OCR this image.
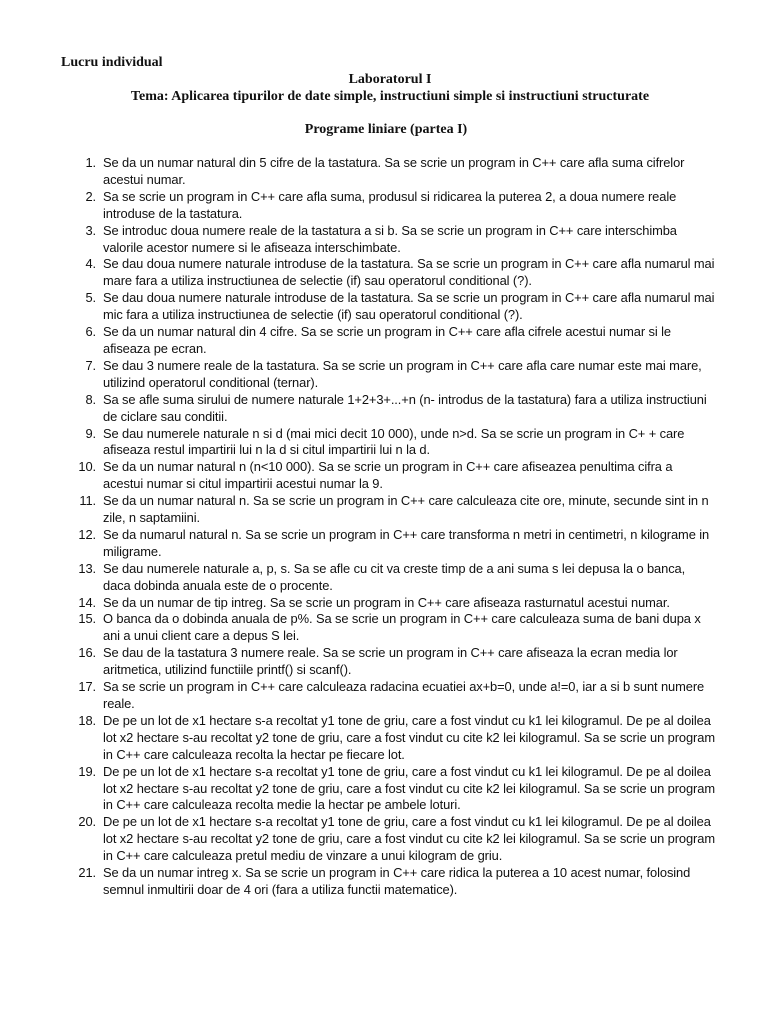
Lucru individual
Laboratorul I
Tema: Aplicarea tipurilor de date simple, instructiuni simple si instructiuni structurate
Programe liniare (partea I)
1. Se da un numar natural din 5 cifre de la tastatura. Sa se scrie un program in C++ care afla suma cifrelor acestui numar.
2. Sa se scrie un program in C++ care afla suma, produsul si ridicarea la puterea 2, a doua numere reale introduse de la tastatura.
3. Se introduc doua numere reale de la tastatura a si b. Sa se scrie un program in C++ care interschimba valorile acestor numere si le afiseaza interschimbate.
4. Se dau doua numere naturale introduse de la tastatura. Sa se scrie un program in C++ care afla numarul mai mare fara a utiliza instructiunea de selectie (if) sau operatorul conditional (?).
5. Se dau doua numere naturale introduse de la tastatura. Sa se scrie un program in C++ care afla numarul mai mic fara a utiliza instructiunea de selectie (if) sau operatorul conditional (?).
6. Se da un numar natural din 4 cifre. Sa se scrie un program in C++ care afla cifrele acestui numar si le afiseaza pe ecran.
7. Se dau 3 numere reale de la tastatura. Sa se scrie un program in C++ care afla care numar este mai mare, utilizind operatorul conditional (ternar).
8. Sa se afle suma sirului de numere naturale 1+2+3+...+n (n- introdus de la tastatura) fara a utiliza instructiuni de ciclare sau conditii.
9. Se dau numerele naturale n si d (mai mici decit 10 000), unde n>d. Sa se scrie un program in C+ + care afiseaza restul impartirii lui n la d si citul impartirii lui n la d.
10. Se da un numar natural n (n<10 000). Sa se scrie un program in C++ care afiseazea penultima cifra a acestui numar si citul impartirii acestui numar la 9.
11. Se da un numar natural n. Sa se scrie un program in C++ care calculeaza cite ore, minute, secunde sint in n zile, n saptamiini.
12. Se da numarul natural n. Sa se scrie un program in C++ care transforma n metri in centimetri, n kilograme in miligrame.
13. Se dau numerele naturale a, p, s. Sa se afle cu cit va creste timp de a ani suma s lei depusa la o banca, daca dobinda anuala este de o procente.
14. Se da un numar de tip intreg. Sa se scrie un program in C++ care afiseaza rasturnatul acestui numar.
15. O banca da o dobinda anuala de p%. Sa se scrie un program in C++ care calculeaza suma de bani dupa x ani a unui client care a depus S lei.
16. Se dau de la tastatura 3 numere reale. Sa se scrie un program in C++ care afiseaza la ecran media lor aritmetica, utilizind functiile printf() si scanf().
17. Sa se scrie un program in C++ care calculeaza radacina ecuatiei ax+b=0, unde a!=0, iar a si b sunt numere reale.
18. De pe un lot de x1 hectare s-a recoltat y1 tone de griu, care a fost vindut cu k1 lei kilogramul. De pe al doilea lot x2 hectare s-au recoltat y2 tone de griu, care a fost vindut cu cite k2 lei kilogramul. Sa se scrie un program in C++ care calculeaza recolta la hectar pe fiecare lot.
19. De pe un lot de x1 hectare s-a recoltat y1 tone de griu, care a fost vindut cu k1 lei kilogramul. De pe al doilea lot x2 hectare s-au recoltat y2 tone de griu, care a fost vindut cu cite k2 lei kilogramul. Sa se scrie un program in C++ care calculeaza recolta medie la hectar pe ambele loturi.
20. De pe un lot de x1 hectare s-a recoltat y1 tone de griu, care a fost vindut cu k1 lei kilogramul. De pe al doilea lot x2 hectare s-au recoltat y2 tone de griu, care a fost vindut cu cite k2 lei kilogramul. Sa se scrie un program in C++ care calculeaza pretul mediu de vinzare a unui kilogram de griu.
21. Se da un numar intreg x. Sa se scrie un program in C++ care ridica la puterea a 10 acest numar, folosind semnul inmultirii doar de 4 ori (fara a utiliza functii matematice).
